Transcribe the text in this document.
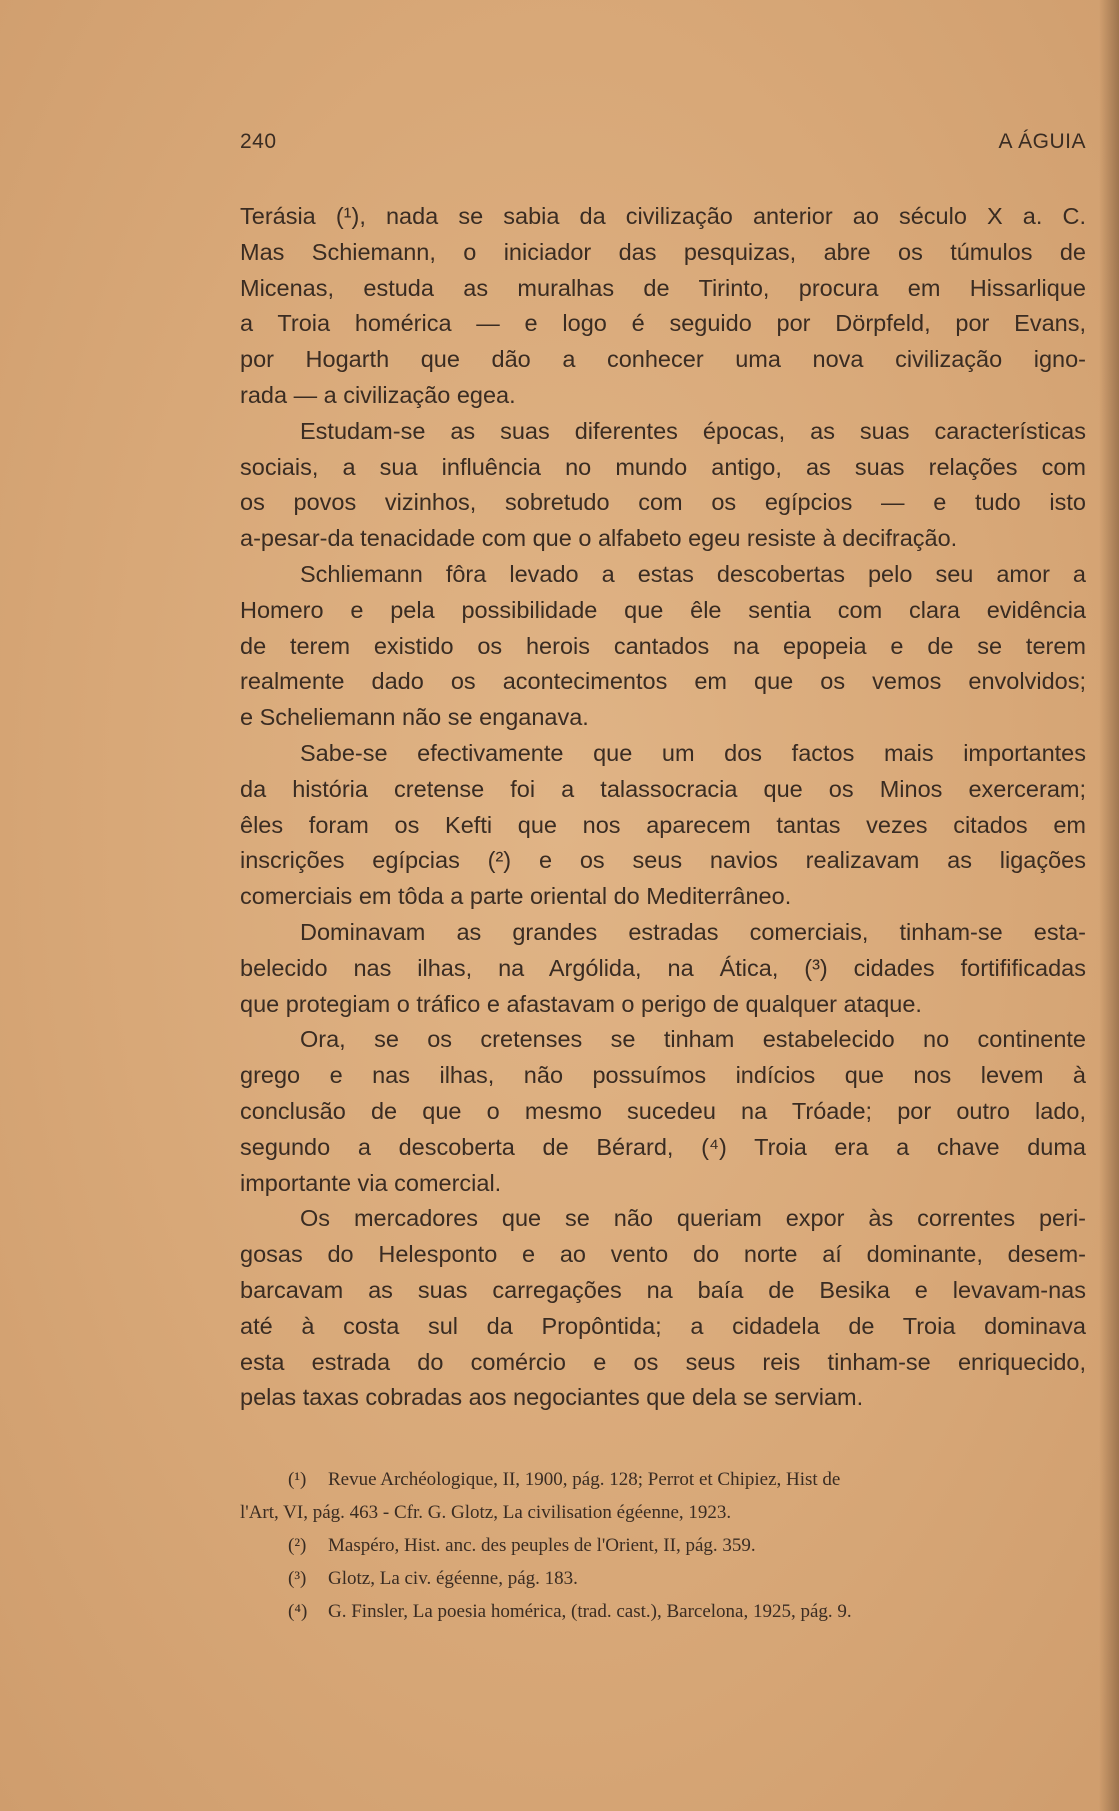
240	A ÁGUIA
Terásia (¹), nada se sabia da civilização anterior ao século X a. C.
Mas Schiemann, o iniciador das pesquizas, abre os túmulos de
Micenas, estuda as muralhas de Tirinto, procura em Hissarlique
a Troia homérica — e logo é seguido por Dörpfeld, por Evans,
por Hogarth que dão a conhecer uma nova civilização igno-
rada — a civilização egea.
Estudam-se as suas diferentes épocas, as suas características
sociais, a sua influência no mundo antigo, as suas relações com
os povos vizinhos, sobretudo com os egípcios — e tudo isto
a-pesar-da tenacidade com que o alfabeto egeu resiste à decifração.
Schliemann fôra levado a estas descobertas pelo seu amor a
Homero e pela possibilidade que êle sentia com clara evidência
de terem existido os herois cantados na epopeia e de se terem
realmente dado os acontecimentos em que os vemos envolvidos;
e Scheliemann não se enganava.
Sabe-se efectivamente que um dos factos mais importantes
da história cretense foi a talassocracia que os Minos exerceram;
êles foram os Kefti que nos aparecem tantas vezes citados em
inscrições egípcias (²) e os seus navios realizavam as ligações
comerciais em tôda a parte oriental do Mediterrâneo.
Dominavam as grandes estradas comerciais, tinham-se esta-
belecido nas ilhas, na Argólida, na Ática, (³) cidades fortifificadas
que protegiam o tráfico e afastavam o perigo de qualquer ataque.
Ora, se os cretenses se tinham estabelecido no continente
grego e nas ilhas, não possuímos indícios que nos levem à
conclusão de que o mesmo sucedeu na Tróade; por outro lado,
segundo a descoberta de Bérard, (⁴) Troia era a chave duma
importante via comercial.
Os mercadores que se não queriam expor às correntes peri-
gosas do Helesponto e ao vento do norte aí dominante, desem-
barcavam as suas carregações na baía de Besika e levavam-nas
até à costa sul da Propôntida; a cidadela de Troia dominava
esta estrada do comércio e os seus reis tinham-se enriquecido,
pelas taxas cobradas aos negociantes que dela se serviam.
(¹) Revue Archéologique, II, 1900, pág. 128; Perrot et Chipiez, Hist de
l'Art, VI, pág. 463 - Cfr. G. Glotz, La civilisation égéenne, 1923.
(²) Maspéro, Hist. anc. des peuples de l'Orient, II, pág. 359.
(³) Glotz, La civ. égéenne, pág. 183.
(⁴) G. Finsler, La poesia homérica, (trad. cast.), Barcelona, 1925, pág. 9.
